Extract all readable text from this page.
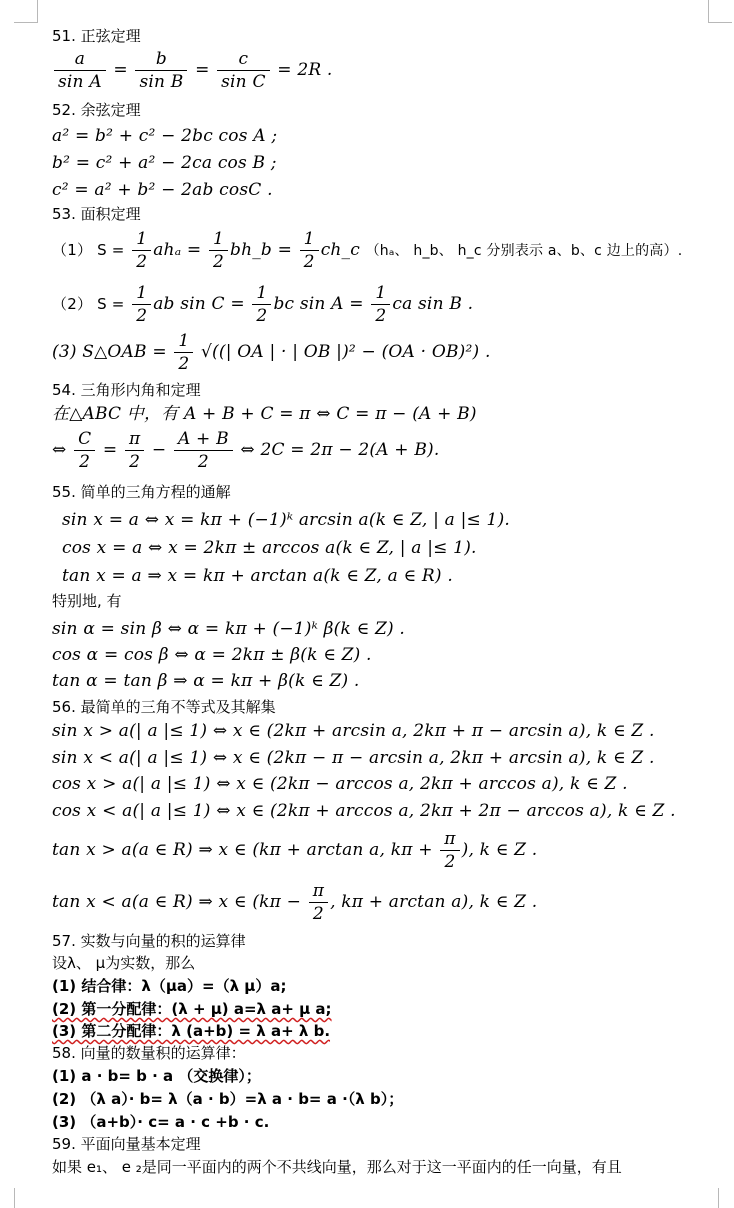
51. 正弦定理
$\frac{a}{\text{sin A}} = \frac{b}{\text{sin B}} = \frac{c}{\text{sin C}} = 2R$ .
52. 余弦定理
a² = b² + c² − 2bc cos A ;
b² = c² + a² − 2ca cos B ;
c² = a² + b² − 2ab cosC .
53. 面积定理
（1） $S = \frac{1}{2}$ $ah_a = \frac{1}{2}$ bh_b = $\frac{1}{2}$ ch_c （hₐ、 h_b、 h_c 分别表示 a、b、c 边上的高）.
（2） $S = \frac{1}{2}$ ab $\sin C = \frac{1}{2}$ bc $\sin A = \frac{1}{2}$ ca sin B .
(3) S△OAB = $\frac{1}{2}$ √((| OA | · | OB |)² − (OA · OB)²) .
54. 三角形内角和定理
在△ABC 中，有 A + B + C = π ⇔ C = π − (A + B)
⇔ $\frac{C}{2} = \frac{\pi}{2} - \frac{A + B}{2}$ ⇔ 2C = 2π − 2(A + B).
55. 简单的三角方程的通解
sin x = a ⇔ x = kπ + (−1)ᵏ arcsin a(k ∈ Z, | a |≤ 1).
cos x = a ⇔ x = 2kπ ± arccos a(k ∈ Z, | a |≤ 1).
tan x = a ⇒ x = kπ + arctan a(k ∈ Z, a ∈ R) .
特别地, 有
sin α = sin β ⇔ α = kπ + (−1)ᵏ β(k ∈ Z) .
cos α = cos β ⇔ α = 2kπ ± β(k ∈ Z) .
tan α = tan β ⇒ α = kπ + β(k ∈ Z) .
56. 最简单的三角不等式及其解集
sin x > a(| a |≤ 1) ⇔ x ∈ (2kπ + arcsin a, 2kπ + π − arcsin a), k ∈ Z .
sin x < a(| a |≤ 1) ⇔ x ∈ (2kπ − π − arcsin a, 2kπ + arcsin a), k ∈ Z .
cos x > a(| a |≤ 1) ⇔ x ∈ (2kπ − arccos a, 2kπ + arccos a), k ∈ Z .
cos x < a(| a |≤ 1) ⇔ x ∈ (2kπ + arccos a, 2kπ + 2π − arccos a), k ∈ Z .
tan x > a(a ∈ R) ⇒ x ∈ (kπ + arctan a, $k\pi + \frac{\pi}{2}$ ), k ∈ Z .
tan x < a(a ∈ R) ⇒ x ∈ ($k\pi - \frac{\pi}{2}$ , kπ + arctan a), k ∈ Z .
57. 实数与向量的积的运算律
设λ、 μ为实数，那么
(1) 结合律：λ（μa）=（λ μ）a;
(2) 第一分配律：(λ + μ) a=λ a+ μ a;
(3) 第二分配律：λ (a+b) = λ a+ λ b.
58. 向量的数量积的运算律：
(1) a · b= b · a （交换律）；
(2) （λ a）· b= λ（a · b）=λ a · b= a ·（λ b）；
(3) （a+b）· c= a · c +b · c.
59. 平面向量基本定理
如果 e₁、 e ₂是同一平面内的两个不共线向量，那么对于这一平面内的任一向量，有且
